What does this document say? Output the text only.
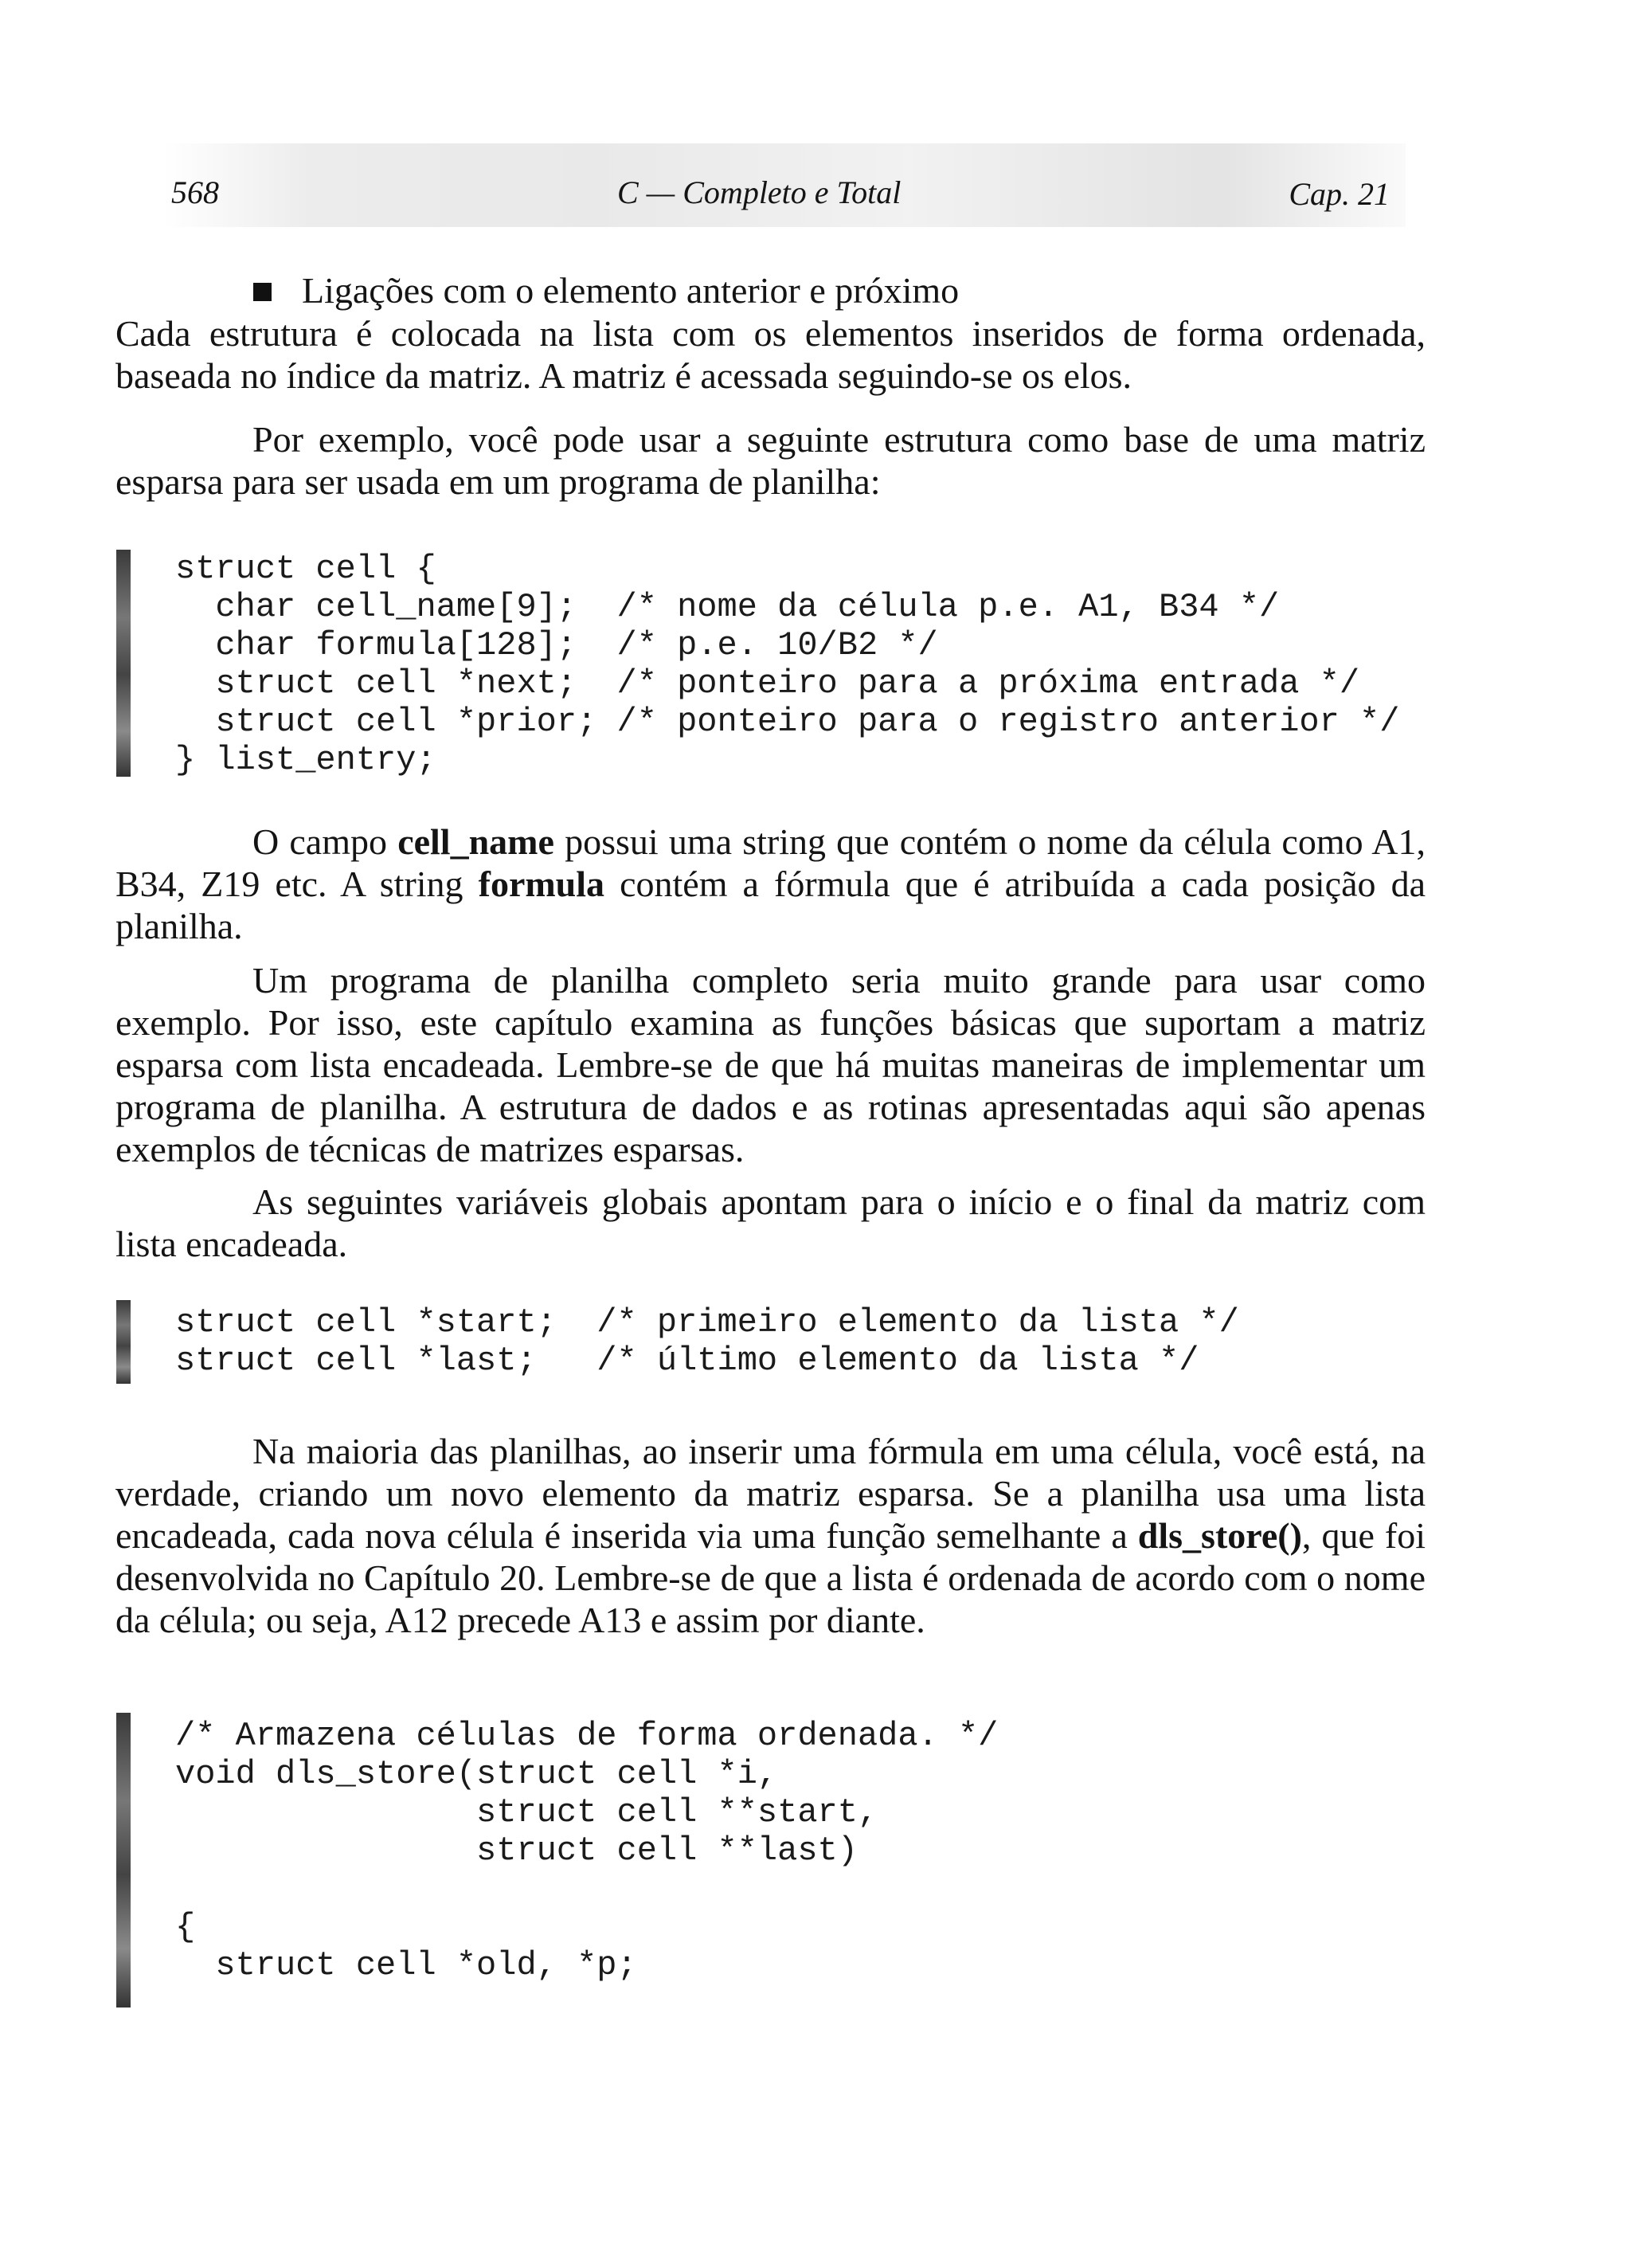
568	C — Completo e Total	Cap. 21
Ligações com o elemento anterior e próximo

Cada estrutura é colocada na lista com os elementos inseridos de forma ordenada, baseada no índice da matriz. A matriz é acessada seguindo-se os elos.

Por exemplo, você pode usar a seguinte estrutura como base de uma matriz esparsa para ser usada em um programa de planilha:

struct cell {
char cell_name[9];  /* nome da célula p.e. A1, B34 */
char formula[128];  /* p.e. 10/B2 */
struct cell *next;  /* ponteiro para a próxima entrada */
struct cell *prior; /* ponteiro para o registro anterior */
} list_entry;

O campo cell_name possui uma string que contém o nome da célula como A1, B34, Z19 etc. A string formula contém a fórmula que é atribuída a cada posição da planilha.

Um programa de planilha completo seria muito grande para usar como exemplo. Por isso, este capítulo examina as funções básicas que suportam a matriz esparsa com lista encadeada. Lembre-se de que há muitas maneiras de implementar um programa de planilha. A estrutura de dados e as rotinas apresentadas aqui são apenas exemplos de técnicas de matrizes esparsas.

As seguintes variáveis globais apontam para o início e o final da matriz com lista encadeada.

struct cell *start;  /* primeiro elemento da lista */
struct cell *last;   /* último elemento da lista */

Na maioria das planilhas, ao inserir uma fórmula em uma célula, você está, na verdade, criando um novo elemento da matriz esparsa. Se a planilha usa uma lista encadeada, cada nova célula é inserida via uma função semelhante a dls_store(), que foi desenvolvida no Capítulo 20. Lembre-se de que a lista é ordenada de acordo com o nome da célula; ou seja, A12 precede A13 e assim por diante.

/* Armazena células de forma ordenada. */
void dls_store(struct cell *i,
struct cell **start,
struct cell **last)

{
struct cell *old, *p;
